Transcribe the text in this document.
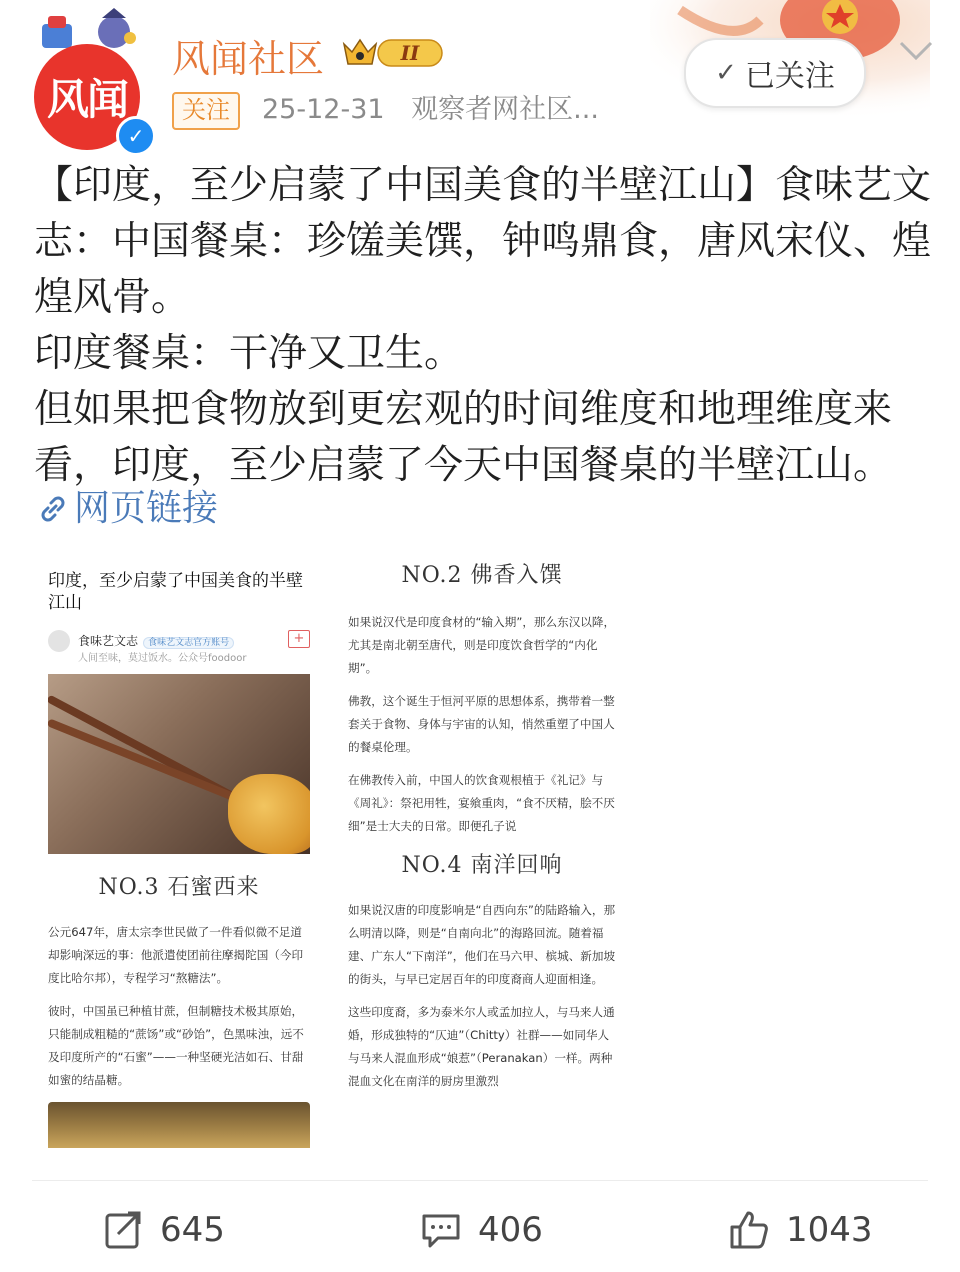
风闻
✓
风闻社区	II
关注	25-12-31 观察者网社区...
✓ 已关注

【印度，至少启蒙了中国美食的半壁江山】食味艺文志：中国餐桌：珍馐美馔，钟鸣鼎食，唐风宋仪、煌煌风骨。

印度餐桌：干净又卫生。

但如果把食物放到更宏观的时间维度和地理维度来看，印度，至少启蒙了今天中国餐桌的半壁江山。

网页链接
印度，至少启蒙了中国美食的半壁江山
食味艺文志 食味艺文志官方账号
人间至味，莫过饭水。公众号foodoor
+
NO.3 石蜜西来

公元647年，唐太宗李世民做了一件看似微不足道却影响深远的事：他派遣使团前往摩揭陀国（今印度比哈尔邦），专程学习“熬糖法”。

彼时，中国虽已种植甘蔗，但制糖技术极其原始，只能制成粗糙的“蔗饧”或“砂饴”，色黑味浊，远不及印度所产的“石蜜”——一种坚硬光洁如石、甘甜如蜜的结晶糖。

NO.2 佛香入馔

如果说汉代是印度食材的“输入期”，那么东汉以降，尤其是南北朝至唐代，则是印度饮食哲学的“内化期”。

佛教，这个诞生于恒河平原的思想体系，携带着一整套关于食物、身体与宇宙的认知，悄然重塑了中国人的餐桌伦理。

在佛教传入前，中国人的饮食观根植于《礼记》与《周礼》：祭祀用牲，宴飨重肉，“食不厌精，脍不厌细”是士大夫的日常。即便孔子说

NO.4 南洋回响

如果说汉唐的印度影响是“自西向东”的陆路输入，那么明清以降，则是“自南向北”的海路回流。随着福建、广东人“下南洋”，他们在马六甲、槟城、新加坡的街头，与早已定居百年的印度裔商人迎面相逢。

这些印度裔，多为泰米尔人或孟加拉人，与马来人通婚，形成独特的“仄迪”（Chitty）社群——如同华人与马来人混血形成“娘惹”（Peranakan）一样。两种混血文化在南洋的厨房里激烈

645	406	1043
